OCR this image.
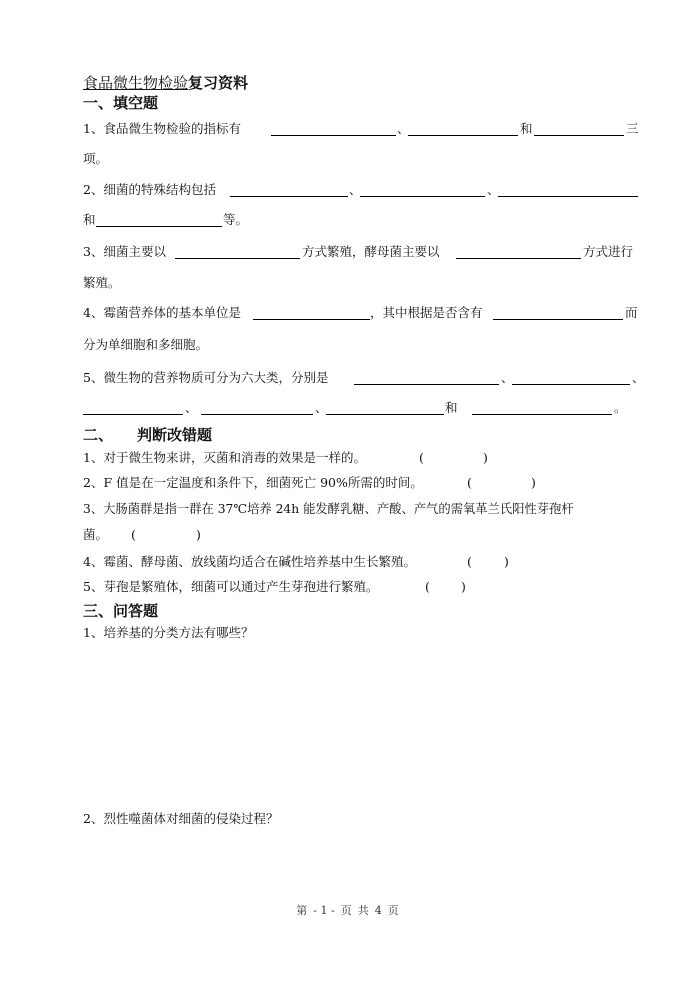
食品微生物检验复习资料
一、填空题
1、食品微生物检验的指标有	、	和	三
项。
2、细菌的特殊结构包括	、	、
和	等。
3、细菌主要以	方式繁殖，酵母菌主要以	方式进行
繁殖。
4、霉菌营养体的基本单位是	，其中根据是否含有	而
分为单细胞和多细胞。
5、微生物的营养物质可分为六大类，分别是	、	、
、	、	和	。
二、 判断改错题
1、对于微生物来讲，灭菌和消毒的效果是一样的。	(	)
2、F 值是在一定温度和条件下，细菌死亡 90%所需的时间。	(	)
3、大肠菌群是指一群在 37℃培养 24h 能发酵乳糖、产酸、产气的需氧革兰氏阳性芽孢杆
菌。 (	)
4、霉菌、酵母菌、放线菌均适合在碱性培养基中生长繁殖。	(	)
5、芽孢是繁殖体，细菌可以通过产生芽孢进行繁殖。	( )
三、问答题
1、培养基的分类方法有哪些？
2、烈性噬菌体对细菌的侵染过程？
第 - 1 - 页 共 4 页
